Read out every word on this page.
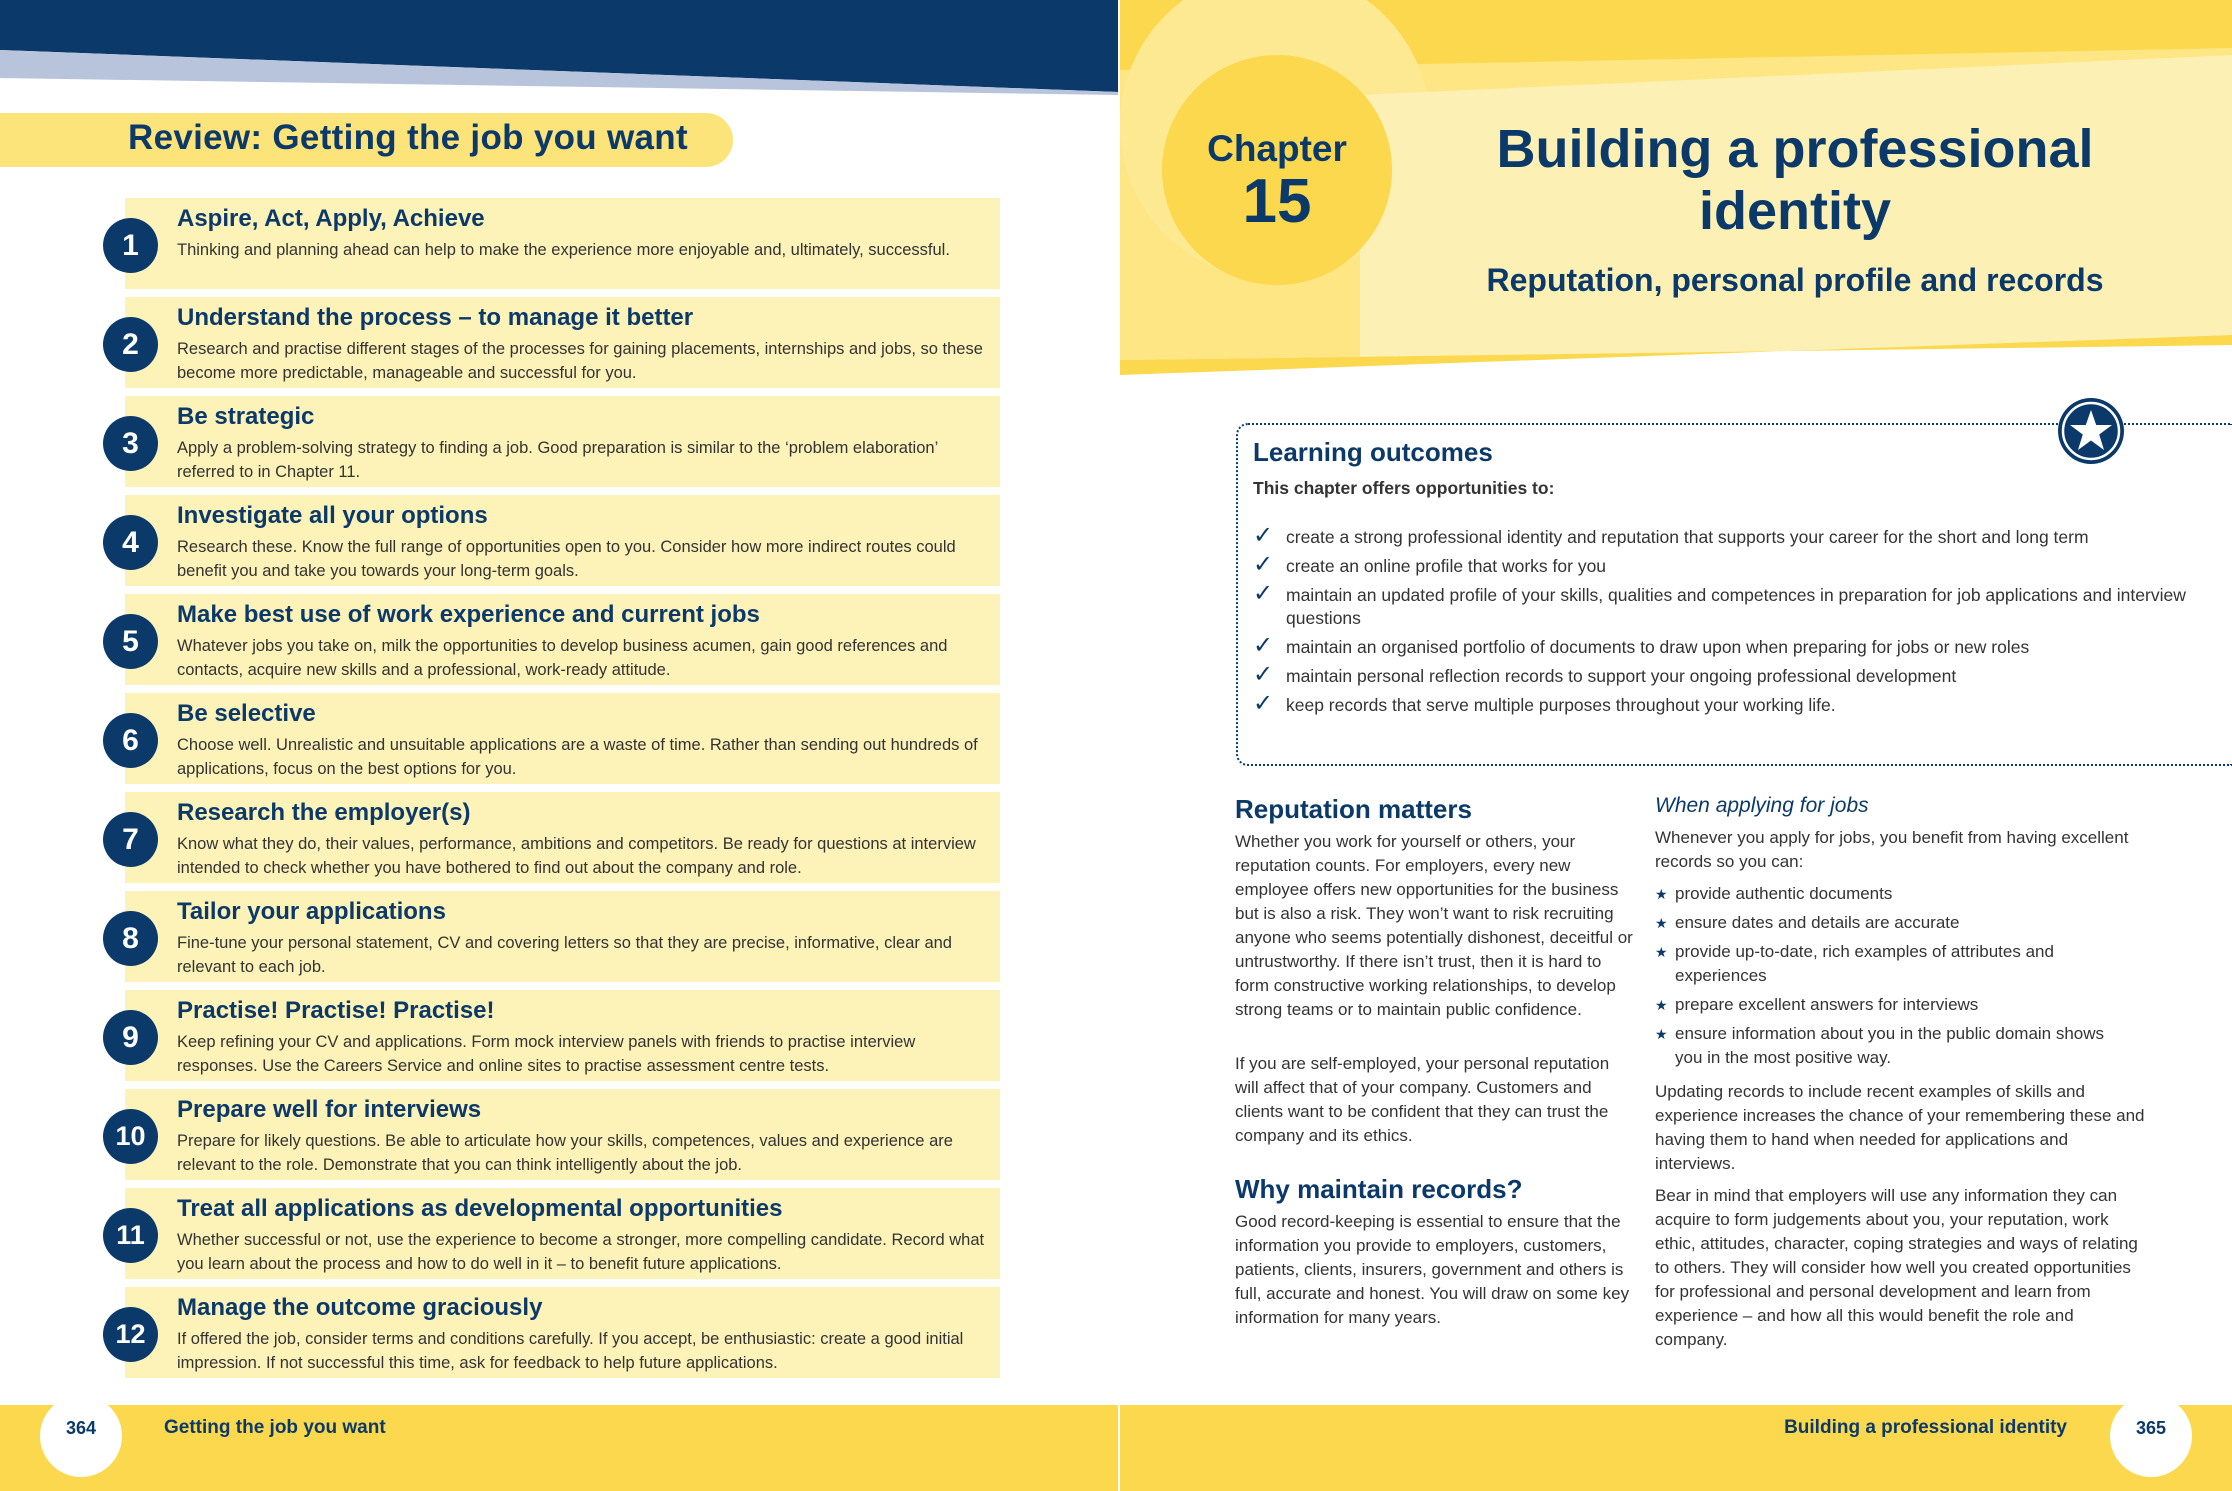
Review: Getting the job you want
1
Aspire, Act, Apply, Achieve
Thinking and planning ahead can help to make the experience more enjoyable and, ultimately, successful.
2
Understand the process – to manage it better
Research and practise different stages of the processes for gaining placements, internships and jobs, so these become more predictable, manageable and successful for you.
3
Be strategic
Apply a problem-solving strategy to finding a job. Good preparation is similar to the ‘problem elaboration’ referred to in Chapter 11.
4
Investigate all your options
Research these. Know the full range of opportunities open to you. Consider how more indirect routes could benefit you and take you towards your long-term goals.
5
Make best use of work experience and current jobs
Whatever jobs you take on, milk the opportunities to develop business acumen, gain good references and contacts, acquire new skills and a professional, work-ready attitude.
6
Be selective
Choose well. Unrealistic and unsuitable applications are a waste of time. Rather than sending out hundreds of applications, focus on the best options for you.
7
Research the employer(s)
Know what they do, their values, performance, ambitions and competitors. Be ready for questions at interview intended to check whether you have bothered to find out about the company and role.
8
Tailor your applications
Fine-tune your personal statement, CV and covering letters so that they are precise, informative, clear and relevant to each job.
9
Practise! Practise! Practise!
Keep refining your CV and applications. Form mock interview panels with friends to practise interview responses. Use the Careers Service and online sites to practise assessment centre tests.
10
Prepare well for interviews
Prepare for likely questions. Be able to articulate how your skills, competences, values and experience are relevant to the role. Demonstrate that you can think intelligently about the job.
11
Treat all applications as developmental opportunities
Whether successful or not, use the experience to become a stronger, more compelling candidate. Record what you learn about the process and how to do well in it – to benefit future applications.
12
Manage the outcome graciously
If offered the job, consider terms and conditions carefully. If you accept, be enthusiastic: create a good initial impression. If not successful this time, ask for feedback to help future applications.
364	Getting the job you want
Chapter
15
Building a professional identity
Reputation, personal profile and records
Learning outcomes
This chapter offers opportunities to:
✓ create a strong professional identity and reputation that supports your career for the short and long term
✓ create an online profile that works for you
✓ maintain an updated profile of your skills, qualities and competences in preparation for job applications and interview questions
✓ maintain an organised portfolio of documents to draw upon when preparing for jobs or new roles
✓ maintain personal reflection records to support your ongoing professional development
✓ keep records that serve multiple purposes throughout your working life.
Reputation matters
Whether you work for yourself or others, your reputation counts. For employers, every new employee offers new opportunities for the business but is also a risk. They won’t want to risk recruiting anyone who seems potentially dishonest, deceitful or untrustworthy. If there isn’t trust, then it is hard to form constructive working relationships, to develop strong teams or to maintain public confidence.
If you are self-employed, your personal reputation will affect that of your company. Customers and clients want to be confident that they can trust the company and its ethics.
Why maintain records?
Good record-keeping is essential to ensure that the information you provide to employers, customers, patients, clients, insurers, government and others is full, accurate and honest. You will draw on some key information for many years.
When applying for jobs
Whenever you apply for jobs, you benefit from having excellent records so you can:
★ provide authentic documents
★ ensure dates and details are accurate
★ provide up-to-date, rich examples of attributes and experiences
★ prepare excellent answers for interviews
★ ensure information about you in the public domain shows you in the most positive way.
Updating records to include recent examples of skills and experience increases the chance of your remembering these and having them to hand when needed for applications and interviews.
Bear in mind that employers will use any information they can acquire to form judgements about you, your reputation, work ethic, attitudes, character, coping strategies and ways of relating to others. They will consider how well you created opportunities for professional and personal development and learn from experience – and how all this would benefit the role and company.
Building a professional identity	365
